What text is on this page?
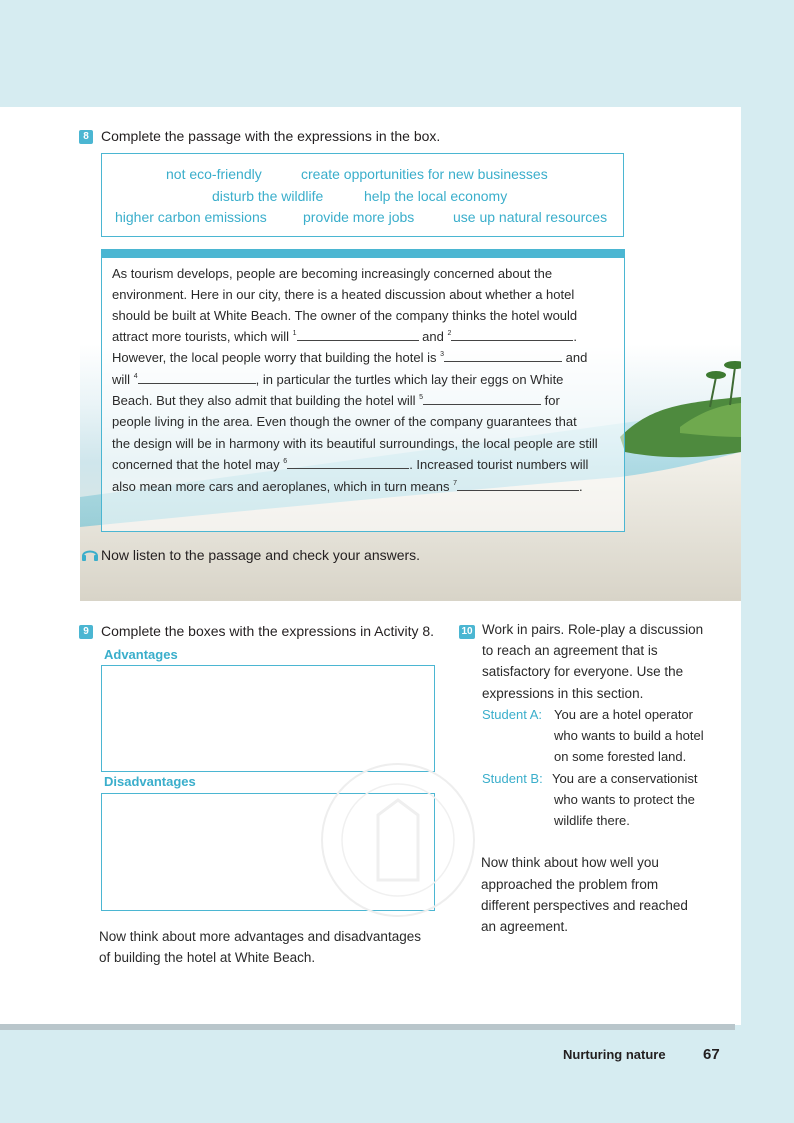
8 Complete the passage with the expressions in the box.
not eco-friendly	create opportunities for new businesses
disturb the wildlife	help the local economy
higher carbon emissions	provide more jobs	use up natural resources
As tourism develops, people are becoming increasingly concerned about the
environment. Here in our city, there is a heated discussion about whether a hotel
should be built at White Beach. The owner of the company thinks the hotel would
attract more tourists, which will $^1$	and $^2$	.
However, the local people worry that building the hotel is $^3$	and
will $^4$	, in particular the turtles which lay their eggs on White
Beach. But they also admit that building the hotel will $^5$	for
people living in the area. Even though the owner of the company guarantees that
the design will be in harmony with its beautiful surroundings, the local people are still
concerned that the hotel may $^6$	. Increased tourist numbers will
also mean more cars and aeroplanes, which in turn means $^7$	.
Now listen to the passage and check your answers.
9 Complete the boxes with the expressions in Activity 8.
Advantages
Disadvantages
Now think about more advantages and disadvantages
of building the hotel at White Beach.
10 Work in pairs. Role-play a discussion
to reach an agreement that is
satisfactory for everyone. Use the
expressions in this section.
Student A: You are a hotel operator
who wants to build a hotel
on some forested land.
Student B: You are a conservationist
who wants to protect the
wildlife there.
Now think about how well you
approached the problem from
different perspectives and reached
an agreement.
Nurturing nature 67
